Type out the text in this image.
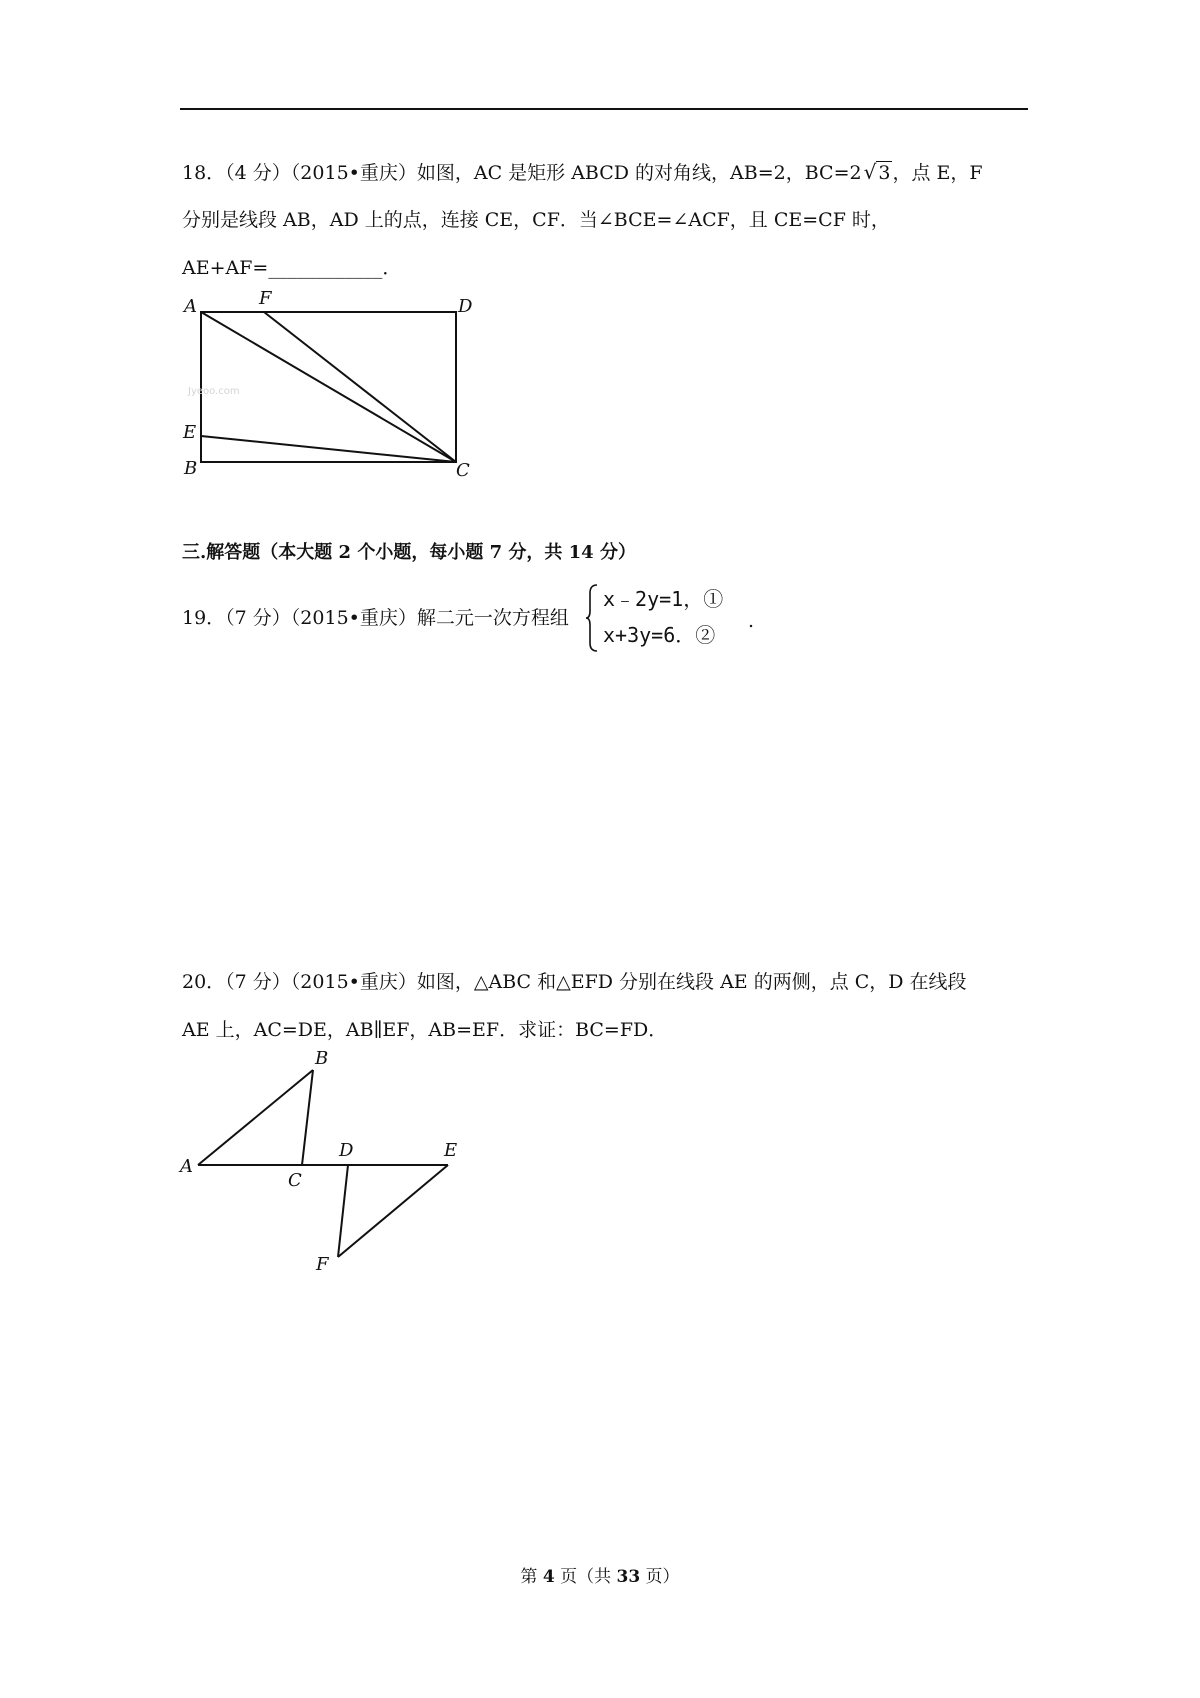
18．（4 分）（2015•重庆）如图，AC 是矩形 ABCD 的对角线，AB=2，BC=2 √ 3 ，点 E，F
分别是线段 AB，AD 上的点，连接 CE，CF．当∠BCE=∠ACF，且 CE=CF 时，
AE+AF=____________．
A	F	D
E
B	C
Jyeoo.com
三.解答题（本大题 2 个小题，每小题 7 分，共 14 分）
19．（7 分）（2015•重庆）解二元一次方程组
x﹣2y=1，①
x+3y=6．②
.
20．（7 分）（2015•重庆）如图，△ABC 和△EFD 分别在线段 AE 的两侧，点 C，D 在线段
AE 上，AC=DE，AB∥EF，AB=EF．求证：BC=FD．
A
B
C
D	E
F
第 4 页（共 33 页）
